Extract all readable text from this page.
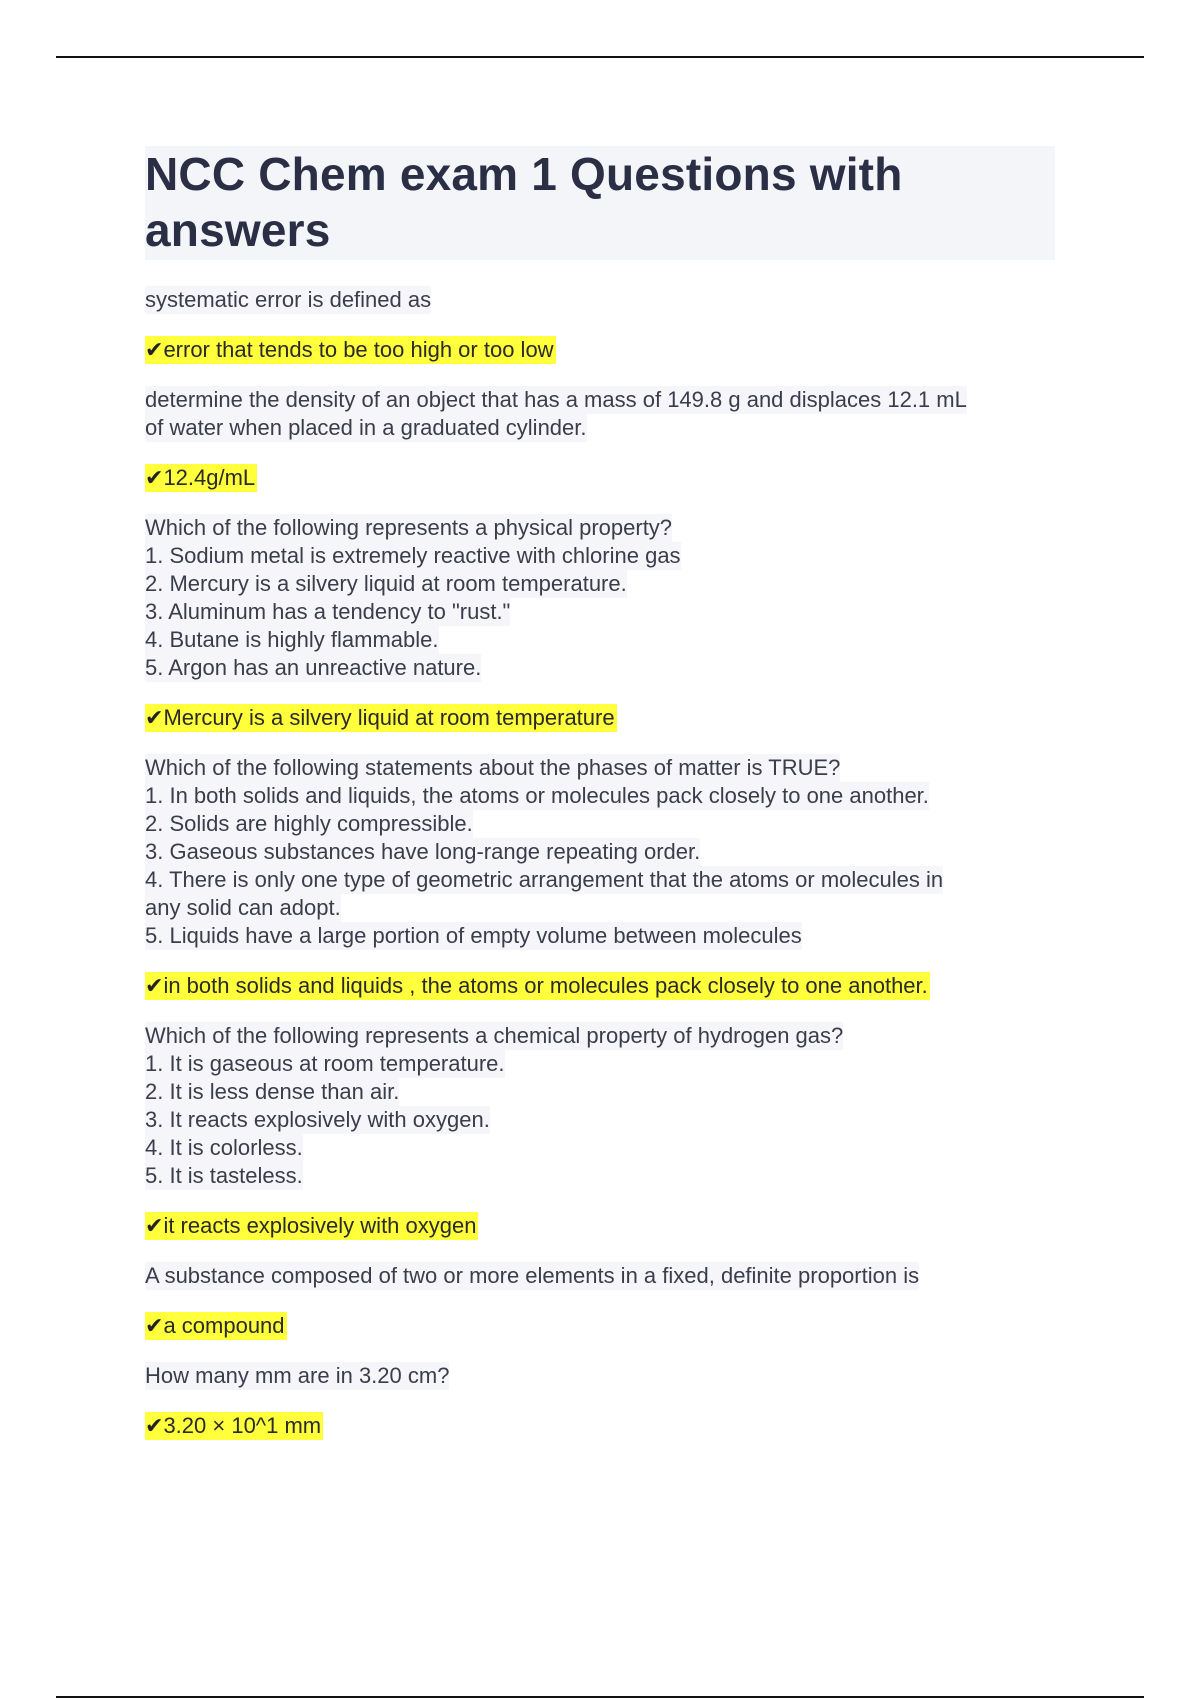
NCC Chem exam 1 Questions with answers
systematic error is defined as
✔error that tends to be too high or too low
determine the density of an object that has a mass of 149.8 g and displaces 12.1 mL
of water when placed in a graduated cylinder.
✔12.4g/mL
Which of the following represents a physical property?
1. Sodium metal is extremely reactive with chlorine gas
2. Mercury is a silvery liquid at room temperature.
3. Aluminum has a tendency to "rust."
4. Butane is highly flammable.
5. Argon has an unreactive nature.
✔Mercury is a silvery liquid at room temperature
Which of the following statements about the phases of matter is TRUE?
1. In both solids and liquids, the atoms or molecules pack closely to one another.
2. Solids are highly compressible.
3. Gaseous substances have long-range repeating order.
4. There is only one type of geometric arrangement that the atoms or molecules in
any solid can adopt.
5. Liquids have a large portion of empty volume between molecules
✔in both solids and liquids , the atoms or molecules pack closely to one another.
Which of the following represents a chemical property of hydrogen gas?
1. It is gaseous at room temperature.
2. It is less dense than air.
3. It reacts explosively with oxygen.
4. It is colorless.
5. It is tasteless.
✔it reacts explosively with oxygen
A substance composed of two or more elements in a fixed, definite proportion is
✔a compound
How many mm are in 3.20 cm?
✔3.20 × 10^1 mm
